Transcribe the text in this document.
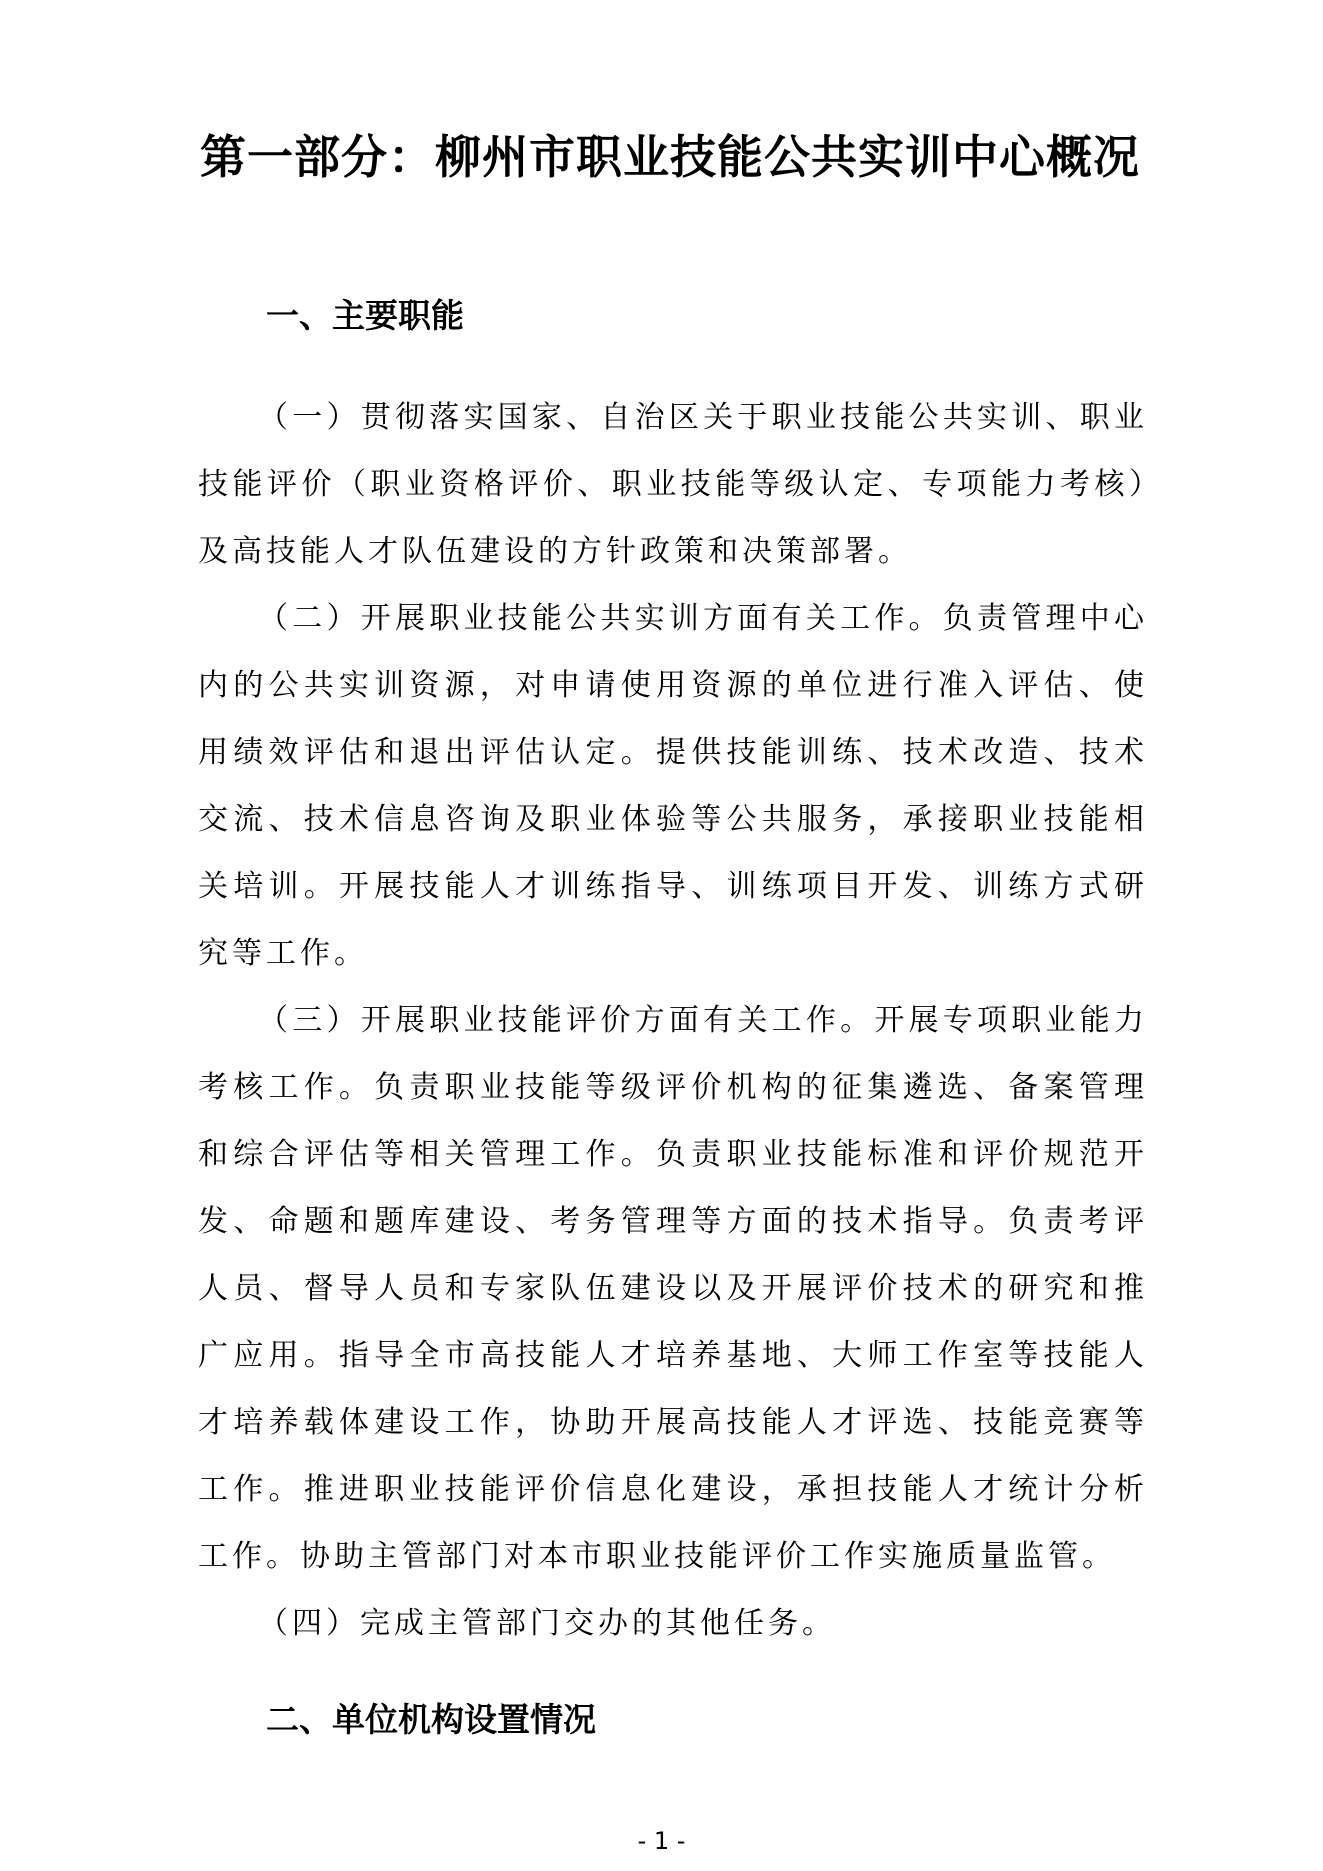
第一部分：柳州市职业技能公共实训中心概况
一、主要职能

（一）贯彻落实国家、自治区关于职业技能公共实训、职业技能评价（职业资格评价、职业技能等级认定、专项能力考核）及高技能人才队伍建设的方针政策和决策部署。

（二）开展职业技能公共实训方面有关工作。负责管理中心内的公共实训资源，对申请使用资源的单位进行准入评估、使用绩效评估和退出评估认定。提供技能训练、技术改造、技术交流、技术信息咨询及职业体验等公共服务，承接职业技能相关培训。开展技能人才训练指导、训练项目开发、训练方式研究等工作。

（三）开展职业技能评价方面有关工作。开展专项职业能力考核工作。负责职业技能等级评价机构的征集遴选、备案管理和综合评估等相关管理工作。负责职业技能标准和评价规范开发、命题和题库建设、考务管理等方面的技术指导。负责考评人员、督导人员和专家队伍建设以及开展评价技术的研究和推广应用。指导全市高技能人才培养基地、大师工作室等技能人才培养载体建设工作，协助开展高技能人才评选、技能竞赛等工作。推进职业技能评价信息化建设，承担技能人才统计分析工作。协助主管部门对本市职业技能评价工作实施质量监管。

（四）完成主管部门交办的其他任务。

二、单位机构设置情况
- 1 -
